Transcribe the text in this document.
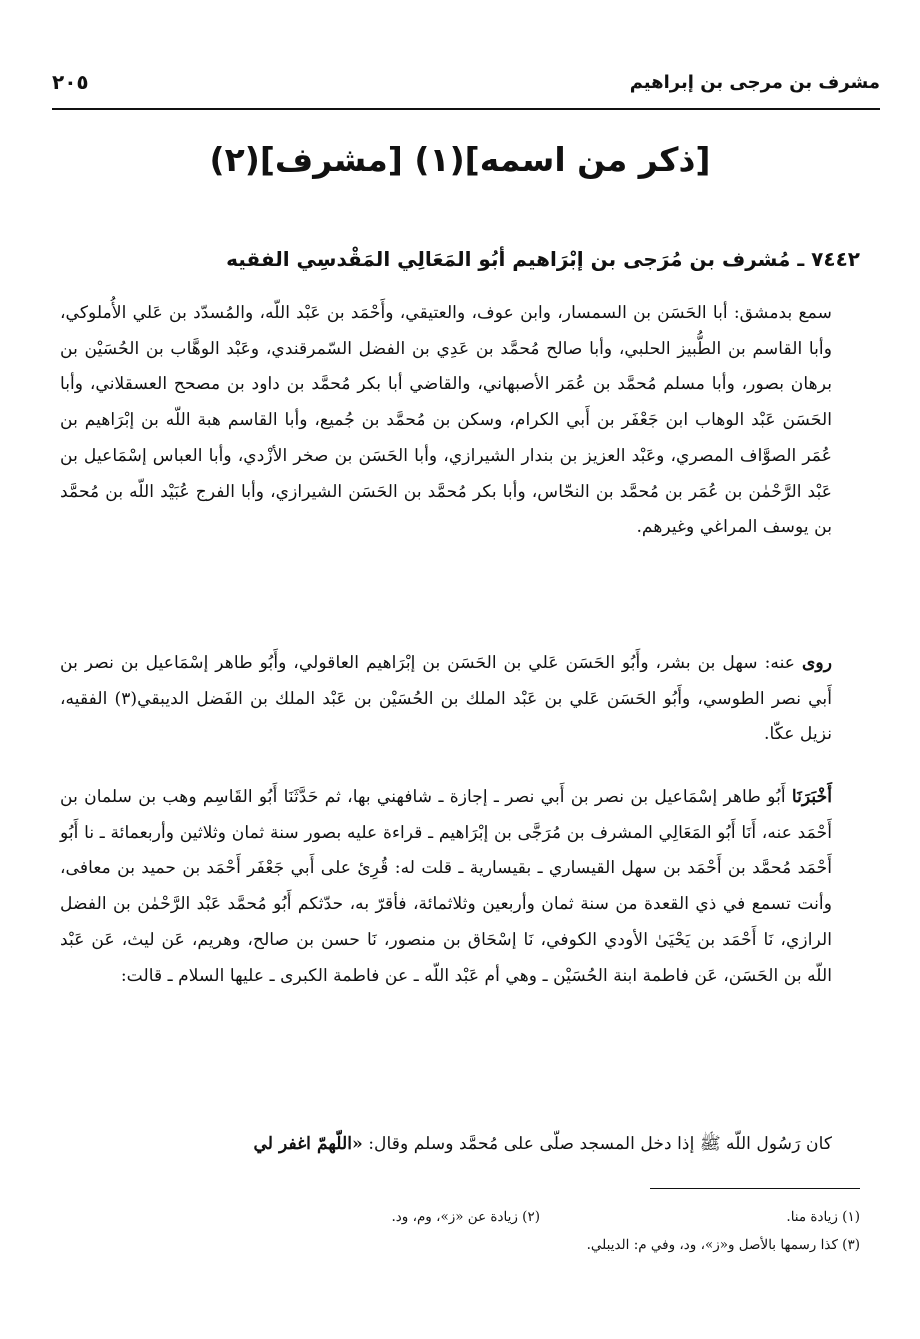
مشرف بن مرجى بن إبراهيم
٢٠٥
[ذكر من اسمه](١) [مشرف](٢)
٧٤٤٢ ـ مُشرف بن مُرَجى بن إبْرَاهيم أبُو المَعَالِي المَقْدسِي الفقيه
سمع بدمشق: أبا الحَسَن بن السمسار، وابن عوف، والعتيقي، وأَحْمَد بن عَبْد اللّه، والمُسدّد بن عَلي الأُملوكي، وأبا القاسم بن الطُّبيز الحلبي، وأبا صالح مُحمَّد بن عَدِي بن الفضل السّمرقندي، وعَبْد الوهَّاب بن الحُسَيْن بن برهان بصور، وأبا مسلم مُحمَّد بن عُمَر الأصبهاني، والقاضي أبا بكر مُحمَّد بن داود بن مصحح العسقلاني، وأبا الحَسَن عَبْد الوهاب ابن جَعْفَر بن أَبي الكرام، وسكن بن مُحمَّد بن جُميع، وأبا القاسم هبة اللّه بن إبْرَاهيم بن عُمَر الصوَّاف المصري، وعَبْد العزيز بن بندار الشيرازي، وأبا الحَسَن بن صخر الأزْدي، وأبا العباس إسْمَاعيل بن عَبْد الرَّحْمٰن بن عُمَر بن مُحمَّد بن النحّاس، وأبا بكر مُحمَّد بن الحَسَن الشيرازي، وأبا الفرج عُبَيْد اللّه بن مُحمَّد بن يوسف المراغي وغيرهم.
روى عنه: سهل بن بشر، وأَبُو الحَسَن عَلي بن الحَسَن بن إبْرَاهيم العاقولي، وأَبُو طاهر إسْمَاعيل بن نصر بن أَبي نصر الطوسي، وأَبُو الحَسَن عَلي بن عَبْد الملك بن الحُسَيْن بن عَبْد الملك بن الفَضل الديبقي(٣) الفقيه، نزيل عكّا.
أَخْبَرَنَا أَبُو طاهر إسْمَاعيل بن نصر بن أَبي نصر ـ إجازة ـ شافهني بها، ثم حَدَّثَنَا أَبُو القَاسِم وهب بن سلمان بن أَحْمَد عنه، أَنَا أَبُو المَعَالِي المشرف بن مُرَجَّى بن إبْرَاهيم ـ قراءة عليه بصور سنة ثمان وثلاثين وأربعمائة ـ نا أَبُو أَحْمَد مُحمَّد بن أَحْمَد بن سهل القيساري ـ بقيسارية ـ قلت له: قُرِئ على أَبي جَعْفَر أَحْمَد بن حميد بن معافى، وأنت تسمع في ذي القعدة من سنة ثمان وأربعين وثلاثمائة، فأقرّ به، حدّثكم أَبُو مُحمَّد عَبْد الرَّحْمٰن بن الفضل الرازي، نَا أَحْمَد بن يَحْيَىٰ الأودي الكوفي، نَا إسْحَاق بن منصور، نَا حسن بن صالح، وهريم، عَن ليث، عَن عَبْد اللّه بن الحَسَن، عَن فاطمة ابنة الحُسَيْن ـ وهي أم عَبْد اللّه ـ عن فاطمة الكبرى ـ عليها السلام ـ قالت:
كان رَسُول اللّه ﷺ إذا دخل المسجد صلّى على مُحمَّد وسلم وقال: «اللّهمّ اغفر لي
(١) زيادة منا.
(٢) زيادة عن «ز»، وم، ود.
(٣) كذا رسمها بالأصل و«ز»، ود، وفي م: الديبلي.
